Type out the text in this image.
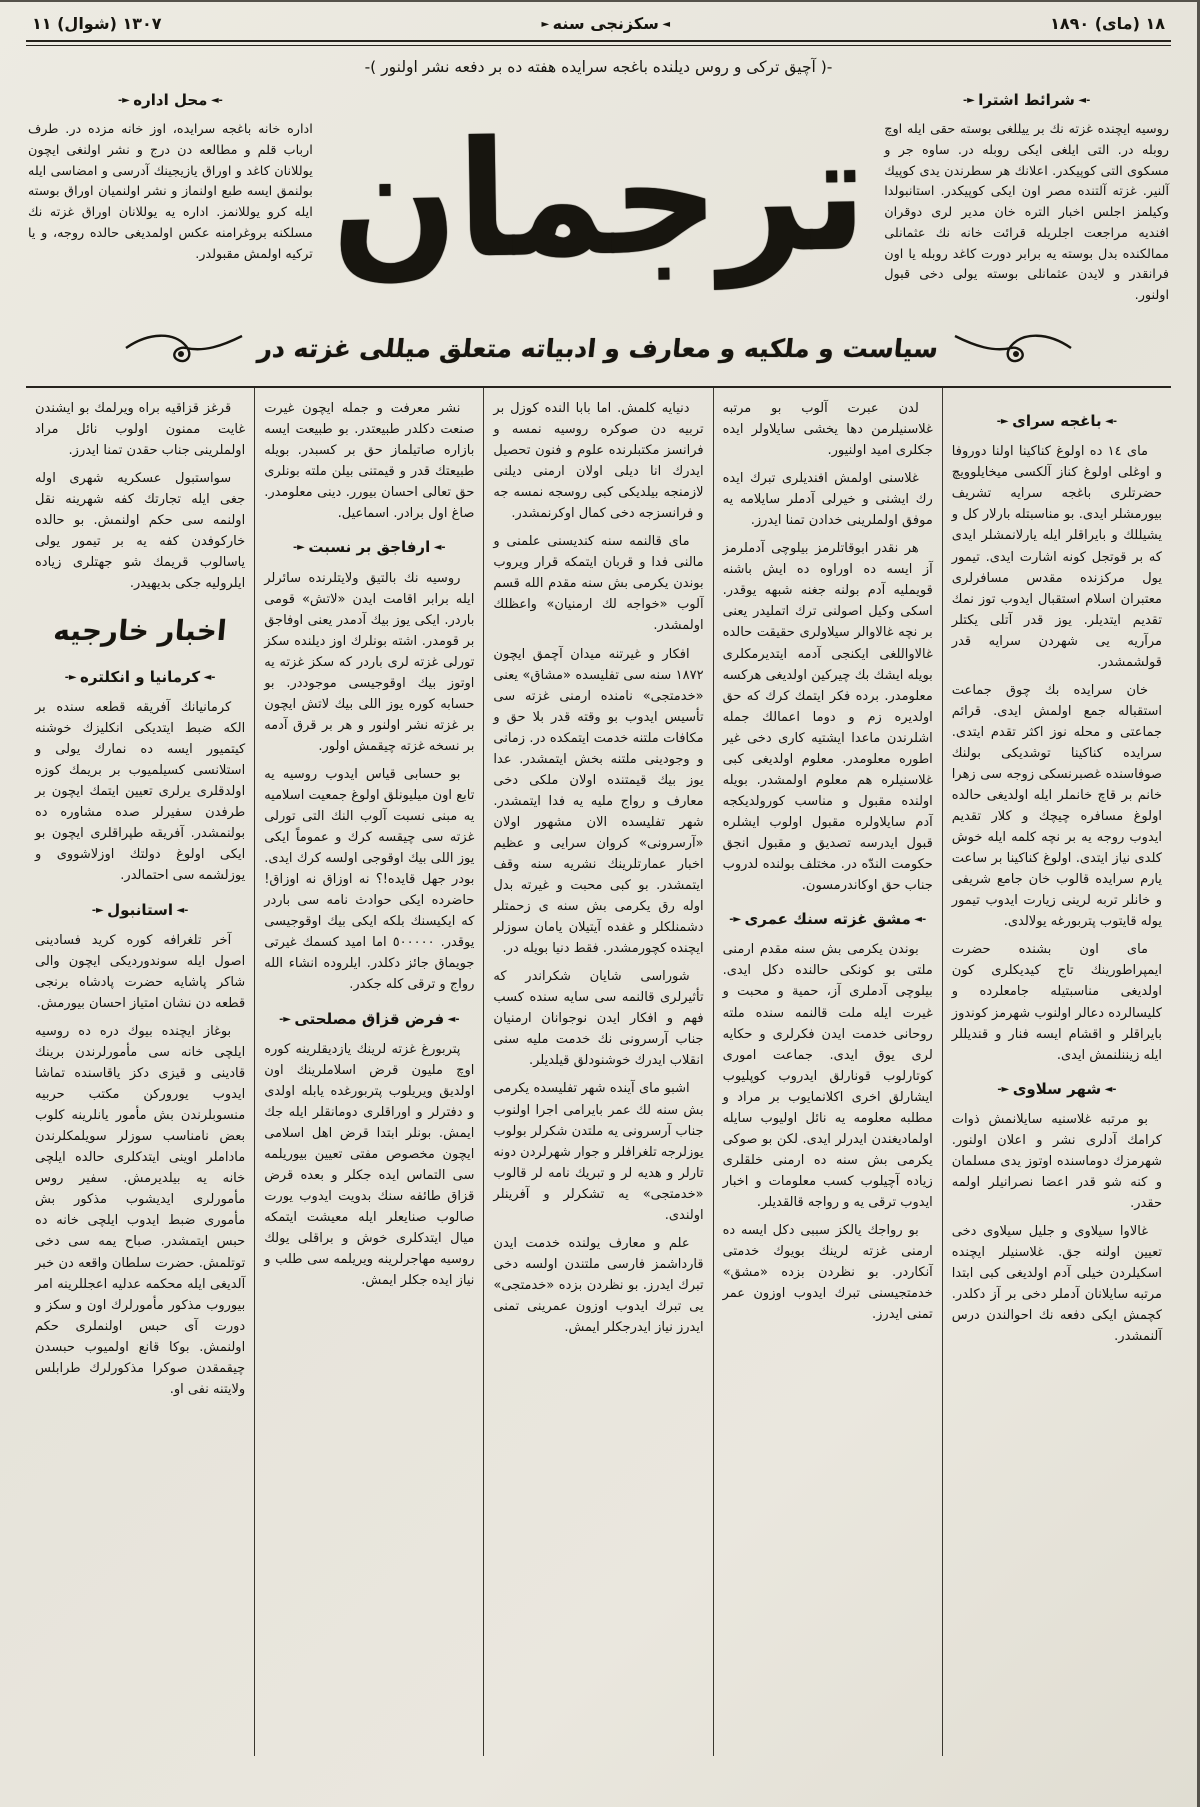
١٨ (ماى) ١٨٩٠
◄ سكزنجى سنه ►
١٣٠٧ (شوال) ١١
-( آچيق تركى و روس ديلنده باغجه سرايده هفته ده بر دفعه نشر اولنور )-
-◄ شرائط اشترا ►-
روسيه ايچنده غزته نك بر ييللغى بوسته حقى ايله اوچ روبله در. التى ايلغى ايكى روبله در. ساوه جر و مسكوى التى كوپيكدر. اعلانك هر سطرندن يدى كوپيك آلنير. غزته آلتنده مصر اون ايكى كوپيكدر. استانبولدا وكيلمز اجلس اخبار التره خان مدير لرى دوقران افنديه مراجعت اجلريله قرائت خانه نك عثمانلى ممالكنده بدل بوسته يه برابر دورت كاغد روبله يا اون فرانقدر و لايدن عثمانلى بوسته يولى دخى قبول اولنور.
ترجمان
-◄ محل اداره ►-
اداره خانه باغجه سرايده، اوز خانه مزده در. طرف ارباب قلم و مطالعه دن درج و نشر اولنغى ايچون يوللانان كاغد و اوراق يازيجينك آدرسى و امضاسى ايله بولنمق ايسه طبع اولنماز و نشر اولنميان اوراق بوسته ايله كرو يوللانمز. اداره يه يوللانان اوراق غزته نك مسلكنه بروغرامنه عكس اولمديغى حالده روجه، و يا تركيه اولمش مقبولدر.
سياست و ملكيه و معارف و ادبياته متعلق ميللى غزته در
-◄ باغجه سراى ►-
ماى ١٤ ده اولوغ كناكينا اولنا دوروفا و اوغلى اولوغ كناز آلكسى ميخايلوويچ حضرتلرى باغجه سرايه تشريف بيورمشلر ايدى. بو مناسبتله بارلار كل و يشيللك و بايراقلر ايله يارلانمشلر ايدى كه بر قوتجل كونه اشارت ايدى. تيمور يول مركزنده مقدس مسافرلرى معتبران اسلام استقبال ايدوب توز نمك تقديم ايتديلر. يوز قدر آتلى يكتلر مرآريه يى شهردن سرايه قدر قولشمشدر.
خان سرايده بك چوق جماعت استقباله جمع اولمش ايدى. قرائم جماعتى و محله نوز اكثر تقدم ايتدى. سرايده كناكينا توشديكى بولنك صوفاسنده غصبرنسكى زوجه سى زهرا خانم بر قاچ خانملر ايله اولديغى حالده اولوغ مسافره چيچك و كلار تقديم ايدوب روجه يه بر نچه كلمه ايله خوش كلدى نياز ايتدى. اولوغ كناكينا بر ساعت يارم سرايده قالوب خان جامع شريفى و خانلر تربه لرينى زيارت ايدوب تيمور يوله قايتوب پتربورغه يولالدى.
ماى اون بشنده حضرت ايمپراطورينك تاج كيديكلرى كون اولديغى مناسبتيله جامعلرده و كليسالرده دعالر اولنوب شهرمز كوندوز بايراقلر و اقشام ايسه فنار و قنديللر ايله زيننلنمش ايدى.
-◄ شهر سلاوى ►-
بو مرتبه غلاسنيه سايلانمش ذوات كرامك آدلرى نشر و اعلان اولنور. شهرمزك دوماسنده اوتوز يدى مسلمان و كنه شو قدر اعضا نصرانيلر اولمه حقدر.
غالاوا سيلاوى و جليل سيلاوى دخى تعيين اولنه جق. غلاسنيلر ايچنده اسكيلردن خيلى آدم اولديغى كبى ابتدا مرتبه سايلانان آدملر دخى بر آز دكلدر. كچمش ايكى دفعه نك احوالندن درس آلنمشدر.
لدن عبرت آلوب بو مرتبه غلاسنيلرمن دها يخشى سايلاولر ايده جكلرى اميد اولنيور.
غلاسنى اولمش افنديلرى تبرك ايده رك ايشنى و خيرلى آدملر سايلامه يه موفق اولملرينى خدادن تمنا ايدرز.
هر نقدر ابوقاتلرمز بيلوچى آدملرمز آز ايسه ده اوراوه ده ايش باشنه قويمليه آدم بولنه جغنه شبهه يوقدر. اسكى وكيل اصولنى ترك اتمليدر يعنى بر نچه غالاوالر سيلاولرى حقيقت حالده غالاواللغى ايكنجى آدمه ايتديرمكلرى بويله ايشك بك چيركين اولديغى هركسه معلومدر. برده فكر ايتمك كرك كه حق اولديره زم و دوما اعمالك جمله اشلرندن ماعدا ايشتيه كارى دخى غير اطوره معلومدر. معلوم اولديغى كبى غلاسنيلره هم معلوم اولمشدر. بويله اولنده مقبول و مناسب كورولديكجه آدم سايلاولره مقبول اولوب ايشلره قبول ايدرسه تصديق و مقبول انجق حكومت الندّه در. مختلف بولنده لدروب جناب حق اوكاندرمسون.
-◄ مشق غزته سنك عمرى ►-
بوندن يكرمى بش سنه مقدم ارمنى ملتى بو كونكى حالنده دكل ايدى. بيلوچى آدملرى آز، حمية و محبت و غيرت ايله ملت قالنمه سنده ملته روحانى خدمت ايدن فكرلرى و حكايه لرى يوق ايدى. جماعت امورى كوتارلوب قونارلق ايدروب كوپليوب ايشارلق اخرى اكلانمايوب بر مراد و مطلبه معلومه يه نائل اوليوب سايله اولماديغندن ايدرلر ايدى. لكن بو صوكى يكرمى بش سنه ده ارمنى خلقلرى زياده آچيلوب كسب معلومات و اخبار ايدوب ترقى يه و رواجه قالقديلر.
بو رواجك يالكز سببى دكل ايسه ده ارمنى غزته لرينك بويوك خدمتى آنكاردر. بو نظردن بزده «مشق» خدمتجيسنى تبرك ايدوب اوزون عمر تمنى ايدرز.
دنيايه كلمش. اما بابا النده كوزل بر تربيه دن صوكره روسيه نمسه و فرانسز مكتبلرنده علوم و فنون تحصيل ايدرك انا ديلى اولان ارمنى ديلنى لازمنجه بيلديكى كبى روسجه نمسه جه و فرانسزجه دخى كمال اوكرنمشدر.
ماى قالنمه سنه كنديسنى علمنى و مالنى فدا و قربان ايتمكه قرار ويروب بوندن يكرمى بش سنه مقدم الله قسم آلوب «خواجه لك ارمنيان» واعظلك اولمشدر.
افكار و غيرتنه ميدان آچمق ايچون ١٨٧٢ سنه سى تفليسده «مشاق» يعنى «خدمتجى» نامنده ارمنى غزته سى تأسيس ايدوب بو وقته قدر بلا حق و مكافات ملتنه خدمت ايتمكده در. زمانى و وجودينى ملتنه بخش ايتمشدر. عدا يوز بيك قيمتنده اولان ملكى دخى معارف و رواج مليه يه فدا ايتمشدر. شهر تفليسده الان مشهور اولان «آرسرونى» كروان سرايى و عظيم اخبار عمارتلرينك نشريه سنه وقف ايتمشدر. بو كبى محبت و غيرته بدل اوله رق يكرمى بش سنه ى زحمتلر دشمنلكلر و غفده آيتيلان يامان سوزلر ايچنده كچورمشدر. فقط دنيا بويله در.
شوراسى شايان شكراندر كه تأثيرلرى قالنمه سى سايه سنده كسب فهم و افكار ايدن نوجوانان ارمنيان جناب آرسرونى نك خدمت مليه سنى انقلاب ايدرك خوشنودلق قيلديلر.
اشبو ماى آينده شهر تفليسده يكرمى بش سنه لك عمر بايرامى اجرا اولنوب جناب آرسرونى يه ملتدن شكرلر بولوب يوزلرجه تلغرافلر و جوار شهرلردن دونه تارلر و هديه لر و تبريك نامه لر قالوب «خدمتجى» يه تشكرلر و آفرينلر اولندى.
علم و معارف يولنده خدمت ايدن قارداشمز فارسى ملتندن اولسه دخى تبرك ايدرز. بو نظردن بزده «خدمتجى» يى تبرك ايدوب اوزون عمرينى تمنى ايدرز نياز ايدرجكلر ايمش.
نشر معرفت و جمله ايچون غيرت صنعت دكلدر طبيعتدر. بو طبيعت ايسه بازاره صاتيلماز حق بر كسبدر. بويله طبيعتك قدر و قيمتنى بيلن ملته بونلرى حق تعالى احسان بيورر. دينى معلومدر. صاغ اول برادر. اسماعيل.
-◄ ارفاجق بر نسبت ►-
روسيه نك بالتيق ولايتلرنده سائرلر ايله برابر اقامت ايدن «لاتش» قومى باردر. ايكى يوز بيك آدمدر يعنى اوفاجق بر قومدر. اشته بونلرك اوز ديلنده سكز تورلى غزته لرى باردر كه سكز غزته يه اوتوز بيك اوقوجيسى موجوددر. بو حسابه كوره يوز اللى بيك لاتش ايچون بر غزته نشر اولنور و هر بر قرق آدمه بر نسخه غزته چيقمش اولور.
بو حسابى قياس ايدوب روسيه يه تابع اون ميليونلق اولوغ جمعيت اسلاميه يه مبنى نسبت آلوب النك التى تورلى غزته سى چيقسه كرك و عموماً ايكى يوز اللى بيك اوقوجى اولسه كرك ايدى. بودر جهل قايده!؟ نه اوزاق نه اوزاق! حاضرده ايكى حوادث نامه سى باردر كه ايكيسنك بلكه ايكى بيك اوقوجيسى يوقدر. ٥٠٠٠٠٠ اما اميد كسمك غيرتى جويماق جائز دكلدر. ايلروده انشاء الله رواج و ترقى كله جكدر.
-◄ فرض قزاق مصلحتى ►-
پتربورغ غزته لرينك يازديقلرينه كوره اوچ مليون قرض اسلاملرينك اون اولديق ويريلوب پتربورغده يابله اولدى و دفترلر و اوراقلرى دومانقلر ايله جك ايمش. بونلر ابتدا قرض اهل اسلامى ايچون مخصوص مفتى تعيين بيوريلمه سى التماس ايده جكلر و بعده قرض قزاق طائفه سنك بدويت ايدوب يورت صالوب صنايعلر ايله معيشت ايتمكه ميال ايتدكلرى خوش و براقلى يولك روسيه مهاجرلرينه ويريلمه سى طلب و نياز ايده جكلر ايمش.
قرغز قزاقيه براه ويرلمك بو ايشندن غايت ممنون اولوب نائل مراد اولملرينى جناب حقدن تمنا ايدرز.
سواستبول عسكريه شهرى اوله جغى ايله تجارتك كفه شهرينه نقل اولنمه سى حكم اولنمش. بو حالده خاركوفدن كفه يه بر تيمور يولى ياسالوب قريمك شو جهتلرى زياده ايلروليه جكى بديهيدر.
اخبار خارجيه
-◄ كرمانيا و انكلتره ►-
كرمانيانك آفريقه قطعه سنده بر الكه ضبط ايتديكى انكليزك خوشنه كيتميور ايسه ده نمارك يولى و استلانسى كسيلميوب بر بريمك كوزه اولدقلرى يرلرى تعيين ايتمك ايچون بر طرفدن سفيرلر صده مشاوره ده بولنمشدر. آفريقه طپراقلرى ايچون بو ايكى اولوغ دولتك اوزلاشووى و يوزلشمه سى احتمالدر.
-◄ استانبول ►-
آخر تلغرافه كوره كريد فسادينى اصول ايله سوندورديكى ايچون والى شاكر پاشايه حضرت پادشاه برنجى قطعه دن نشان امتياز احسان بيورمش.
بوغاز ايچنده بيوك دره ده روسيه ايلچى خانه سى مأمورلرندن برينك قادينى و قيزى دكز ياقاسنده تماشا ايدوب يوروركن مكتب حربيه منسوبلرندن بش مأمور يانلرينه كلوب بعض نامناسب سوزلر سويلمكلرندن ماداملر اوينى ايتدكلرى حالده ايلچى خانه يه بيلديرمش. سفير روس مأمورلرى ايديشوب مذكور بش مأمورى ضبط ايدوب ايلچى خانه ده حبس ايتمشدر. صباح يمه سى دخى توتلمش. حضرت سلطان واقعه دن خبر آلديغى ايله محكمه عدليه اعجللرينه امر بيوروب مذكور مأمورلرك اون و سكز و دورت آى حبس اولنملرى حكم اولنمش. بوكا قانع اولميوب حبسدن چيقمقدن صوكرا مذكورلرك طرابلس ولايتنه نفى او.
